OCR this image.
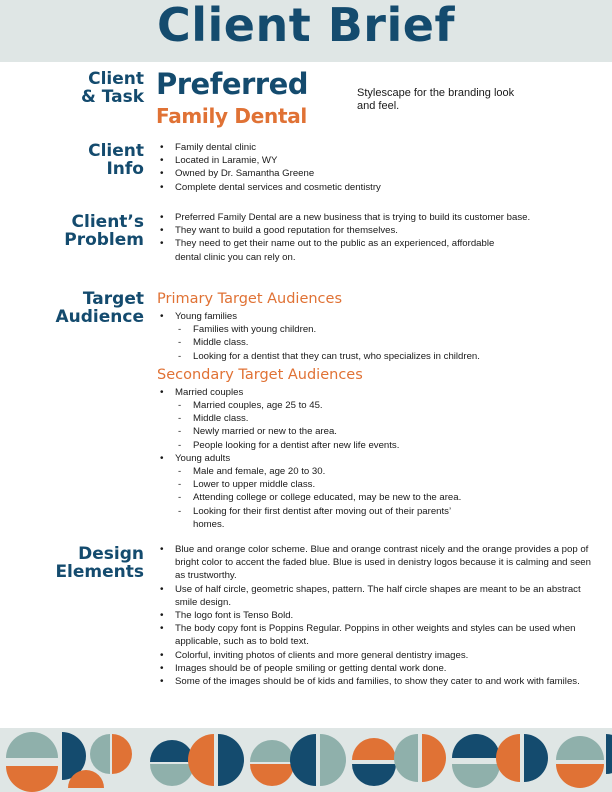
Client Brief
Client
& Task Preferred
Family Dental
Stylescape for the branding look and feel.
Client
Info
• Family dental clinic
• Located in Laramie, WY
• Owned by Dr. Samantha Greene
• Complete dental services and cosmetic dentistry
Client’s
Problem
• Preferred Family Dental are a new business that is trying to build its customer base.
• They want to build a good reputation for themselves.
• They need to get their name out to the public as an experienced, affordable dental clinic you can rely on.
Target
Audience
Primary Target Audiences
• Young families
- Families with young children.
- Middle class.
- Looking for a dentist that they can trust, who specializes in children.
Secondary Target Audiences
• Married couples
- Married couples, age 25 to 45.
- Middle class.
- Newly married or new to the area.
- People looking for a dentist after new life events.
• Young adults
- Male and female, age 20 to 30.
- Lower to upper middle class.
- Attending college or college educated, may be new to the area.
- Looking for their first dentist after moving out of their parents’ homes.
Design
Elements
• Blue and orange color scheme. Blue and orange contrast nicely and the orange provides a pop of bright color to accent the faded blue. Blue is used in denistry logos because it is calming and seen as trustworthy.
• Use of half circle, geometric shapes, pattern. The half circle shapes are meant to be an abstract smile design.
• The logo font is Tenso Bold.
• The body copy font is Poppins Regular. Poppins in other weights and styles can be used when applicable, such as to bold text.
• Colorful, inviting photos of clients and more general dentistry images.
• Images should be of people smiling or getting dental work done.
• Some of the images should be of kids and families, to show they cater to and work with familes.
